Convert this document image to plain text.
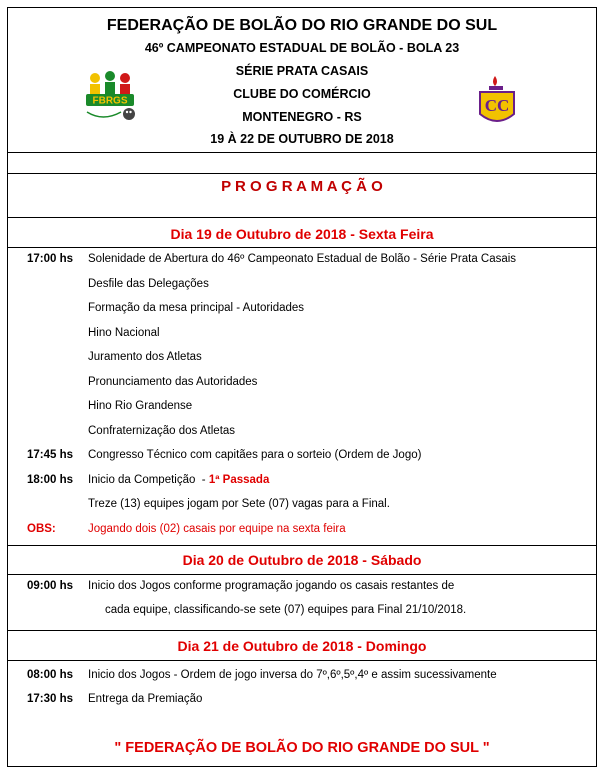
FEDERAÇÃO DE BOLÃO DO RIO GRANDE DO SUL
46º CAMPEONATO ESTADUAL DE BOLÃO - BOLA 23
SÉRIE PRATA CASAIS
CLUBE DO COMÉRCIO
MONTENEGRO - RS
19 À 22 DE OUTUBRO DE 2018
FBRGS	CC
P R O G R A M A Ç Ã O
Dia 19 de Outubro de 2018 - Sexta Feira
17:00 hs Solenidade de Abertura do 46º Campeonato Estadual de Bolão - Série Prata Casais
Desfile das Delegações
Formação da mesa principal - Autoridades
Hino Nacional
Juramento dos Atletas
Pronunciamento das Autoridades
Hino Rio Grandense
Confraternização dos Atletas
17:45 hs Congresso Técnico com capitães para o sorteio (Ordem de Jogo)
18:00 hs Inicio da Competição  - 1ª Passada
Treze (13) equipes jogam por Sete (07) vagas para a Final.
OBS:	Jogando dois (02) casais por equipe na sexta feira
Dia 20 de Outubro de 2018 - Sábado
09:00 hs Inicio dos Jogos conforme programação jogando os casais restantes de
cada equipe, classificando-se sete (07) equipes para Final 21/10/2018.
Dia 21 de Outubro de 2018 - Domingo
08:00 hs Inicio dos Jogos - Ordem de jogo inversa do 7º,6º,5º,4º e assim sucessivamente
17:30 hs Entrega da Premiação
" FEDERAÇÃO DE BOLÃO DO RIO GRANDE DO SUL "
